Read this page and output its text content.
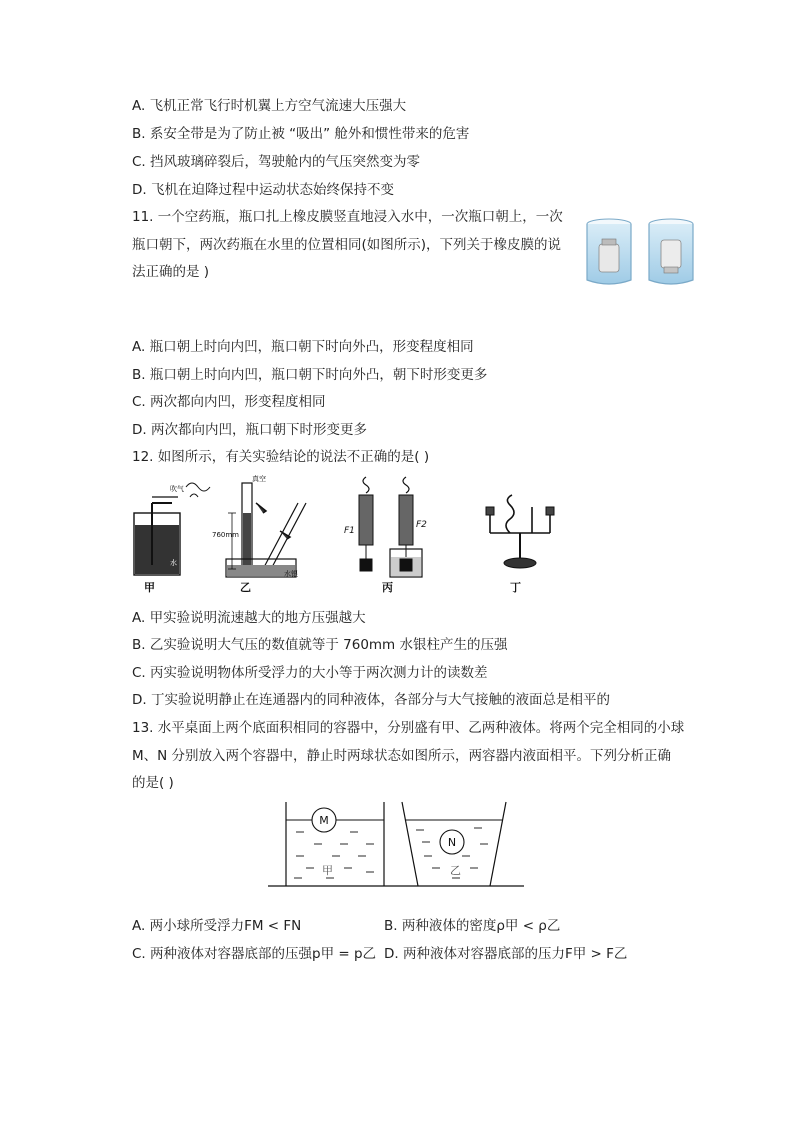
A. 飞机正常飞行时机翼上方空气流速大压强大
B. 系安全带是为了防止被 “吸出” 舱外和惯性带来的危害
C. 挡风玻璃碎裂后，驾驶舱内的气压突然变为零
D. 飞机在迫降过程中运动状态始终保持不变
11. 一个空药瓶，瓶口扎上橡皮膜竖直地浸入水中，一次瓶口朝上，一次
瓶口朝下，两次药瓶在水里的位置相同(如图所示)，下列关于橡皮膜的说
法正确的是 )
A. 瓶口朝上时向内凹，瓶口朝下时向外凸，形变程度相同
B. 瓶口朝上时向内凹，瓶口朝下时向外凸，朝下时形变更多
C. 两次都向内凹，形变程度相同
D. 两次都向内凹，瓶口朝下时形变更多
12. 如图所示，有关实验结论的说法不正确的是( )
吹气
水
甲
真空
760mm
水银
乙
F1
F2
丙	丁
A. 甲实验说明流速越大的地方压强越大
B. 乙实验说明大气压的数值就等于 760mm 水银柱产生的压强
C. 丙实验说明物体所受浮力的大小等于两次测力计的读数差
D. 丁实验说明静止在连通器内的同种液体，各部分与大气接触的液面总是相平的
13. 水平桌面上两个底面积相同的容器中，分别盛有甲、乙两种液体。将两个完全相同的小球
M、N 分别放入两个容器中，静止时两球状态如图所示，两容器内液面相平。下列分析正确
的是( )
M
N
甲	乙
A. 两小球所受浮力FM < FN	B. 两种液体的密度ρ甲 < ρ乙
C. 两种液体对容器底部的压强p甲 = p乙 D. 两种液体对容器底部的压力F甲 > F乙
